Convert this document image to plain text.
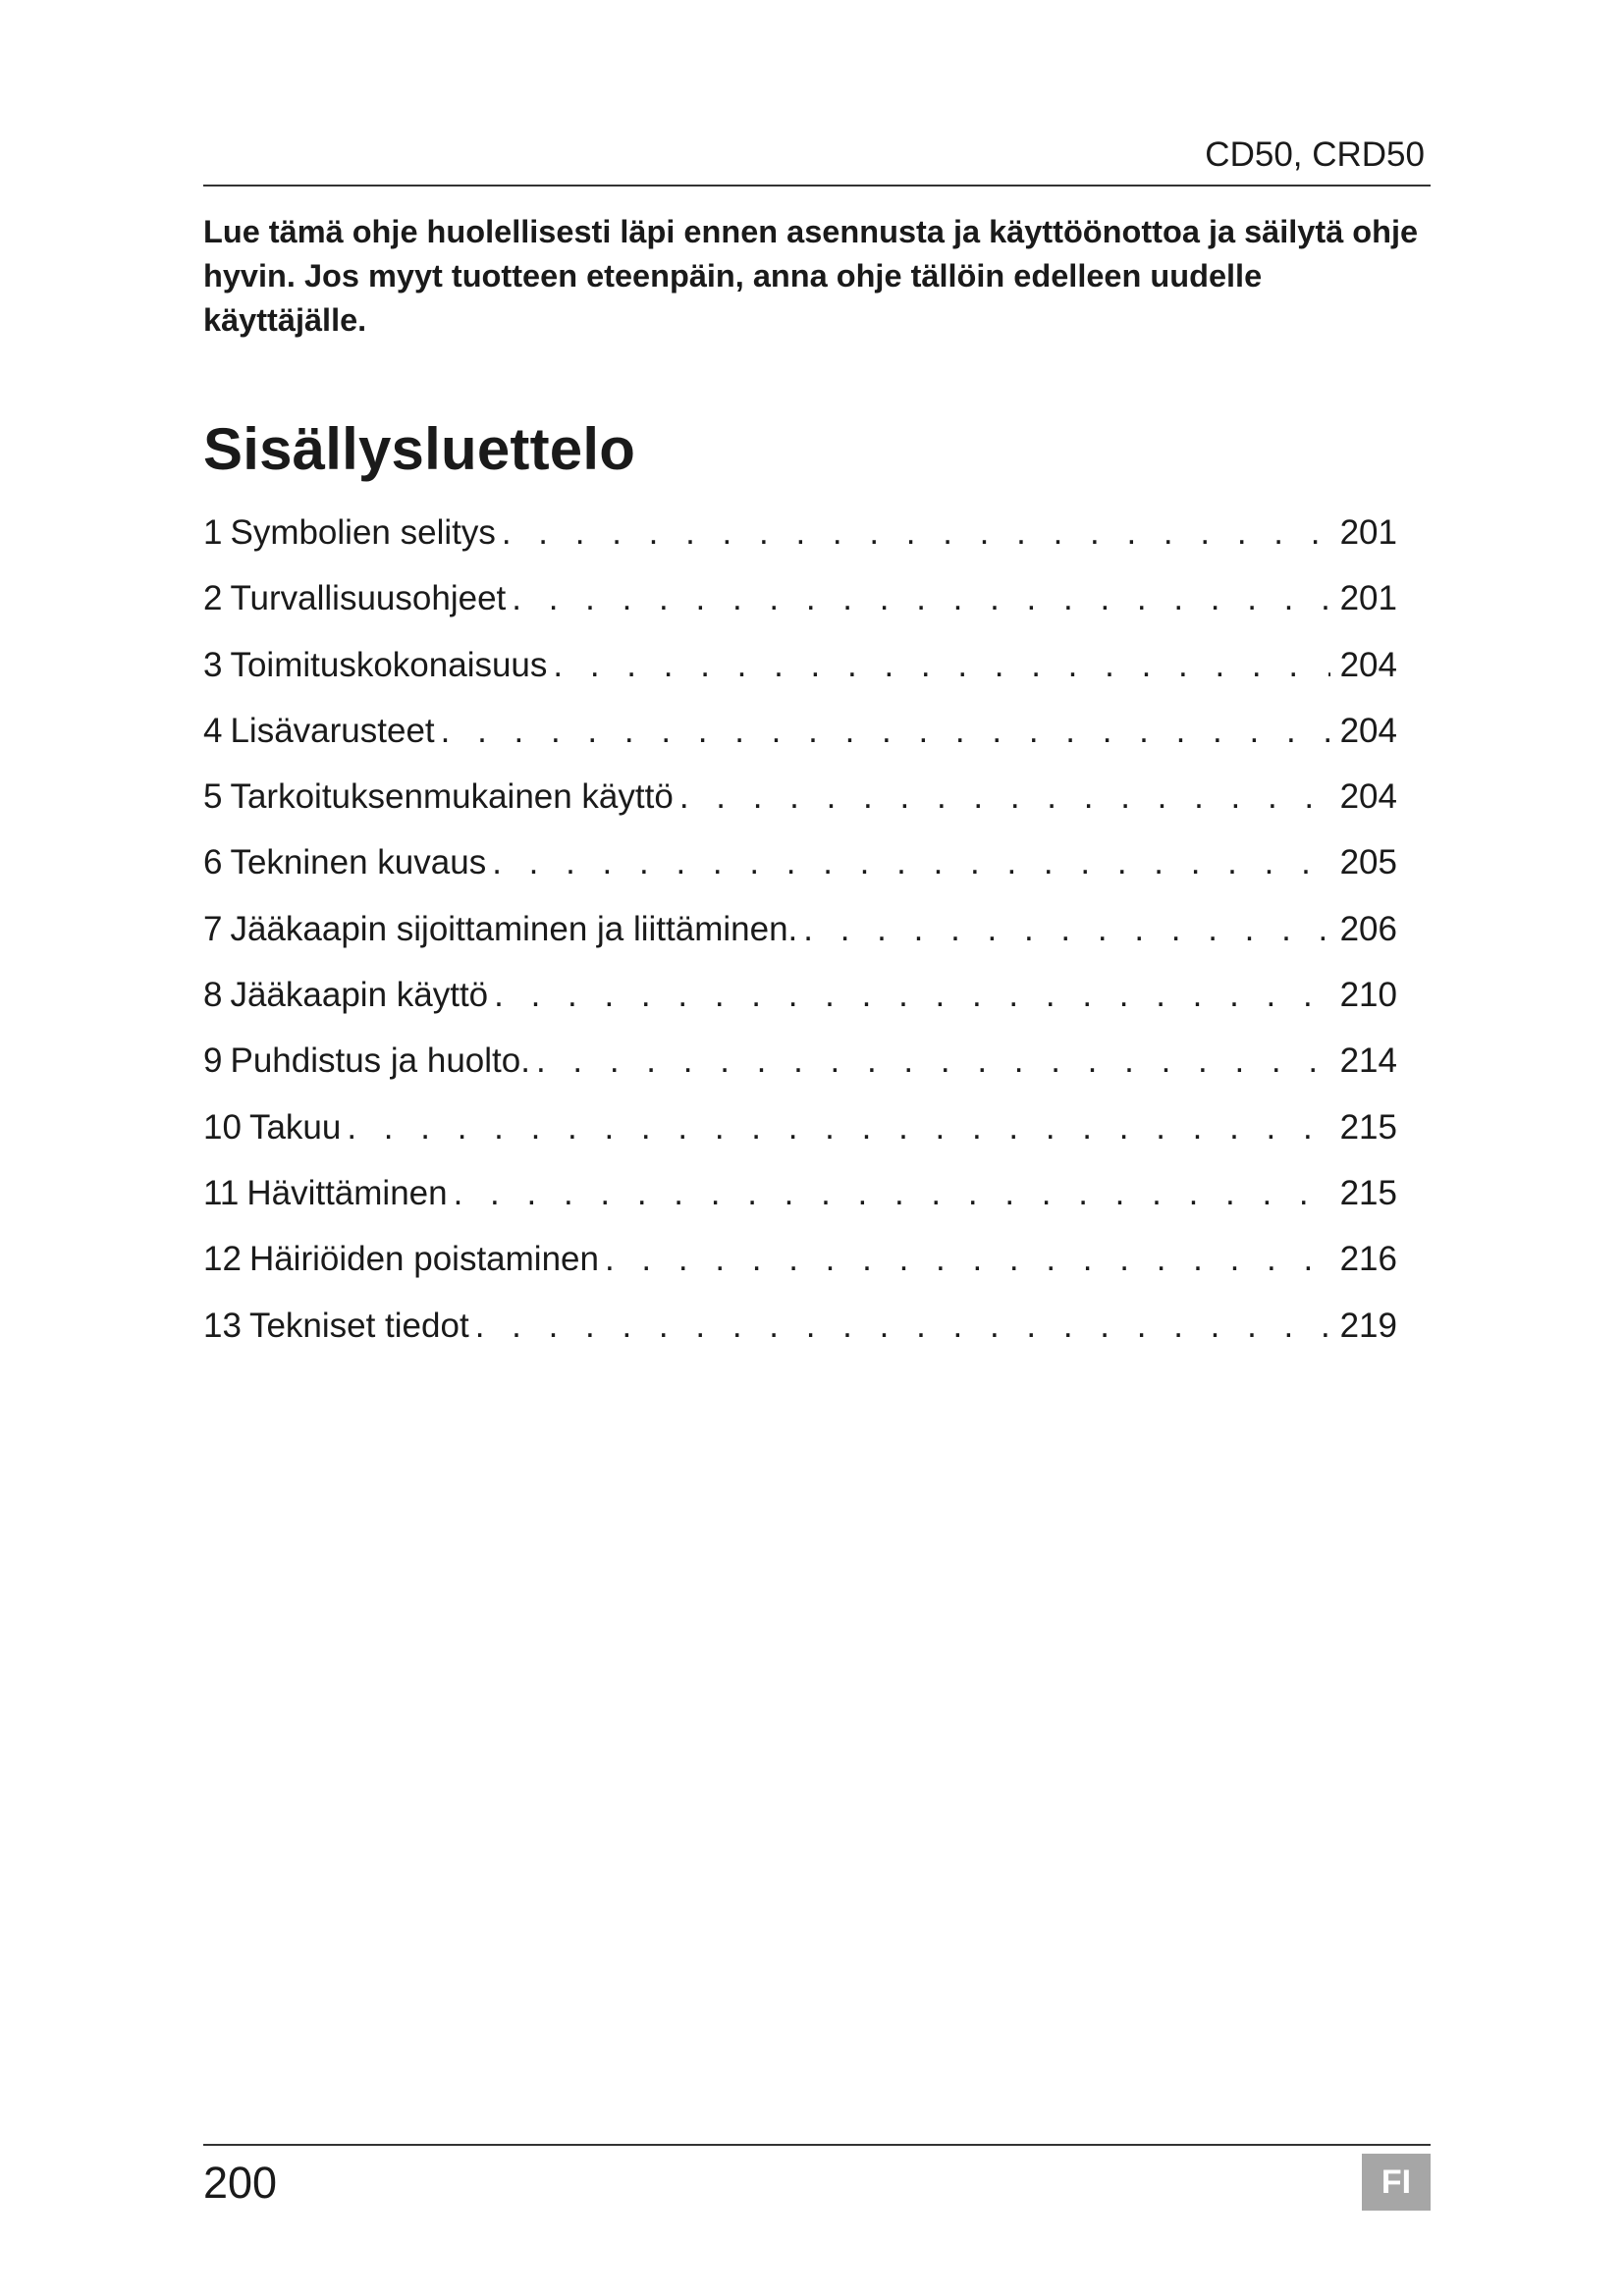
CD50, CRD50

Lue tämä ohje huolellisesti läpi ennen asennusta ja käyttöönottoa ja säilytä ohje hyvin. Jos myyt tuotteen eteenpäin, anna ohje tällöin edelleen uudelle käyttäjälle.

Sisällysluettelo
1 Symbolien selitys . . .	201
2 Turvallisuusohjeet . . .	201
3 Toimituskokonaisuus . . .	204
4 Lisävarusteet . . .	204
5 Tarkoituksenmukainen käyttö . . .	204
6 Tekninen kuvaus . . .	205
7 Jääkaapin sijoittaminen ja liittäminen. . . .	206
8 Jääkaapin käyttö . . .	210
9 Puhdistus ja huolto. . . .	214
10 Takuu . . .	215
11 Hävittäminen . . .	215
12 Häiriöiden poistaminen . . .	216
13 Tekniset tiedot . . .	219
200	FI
